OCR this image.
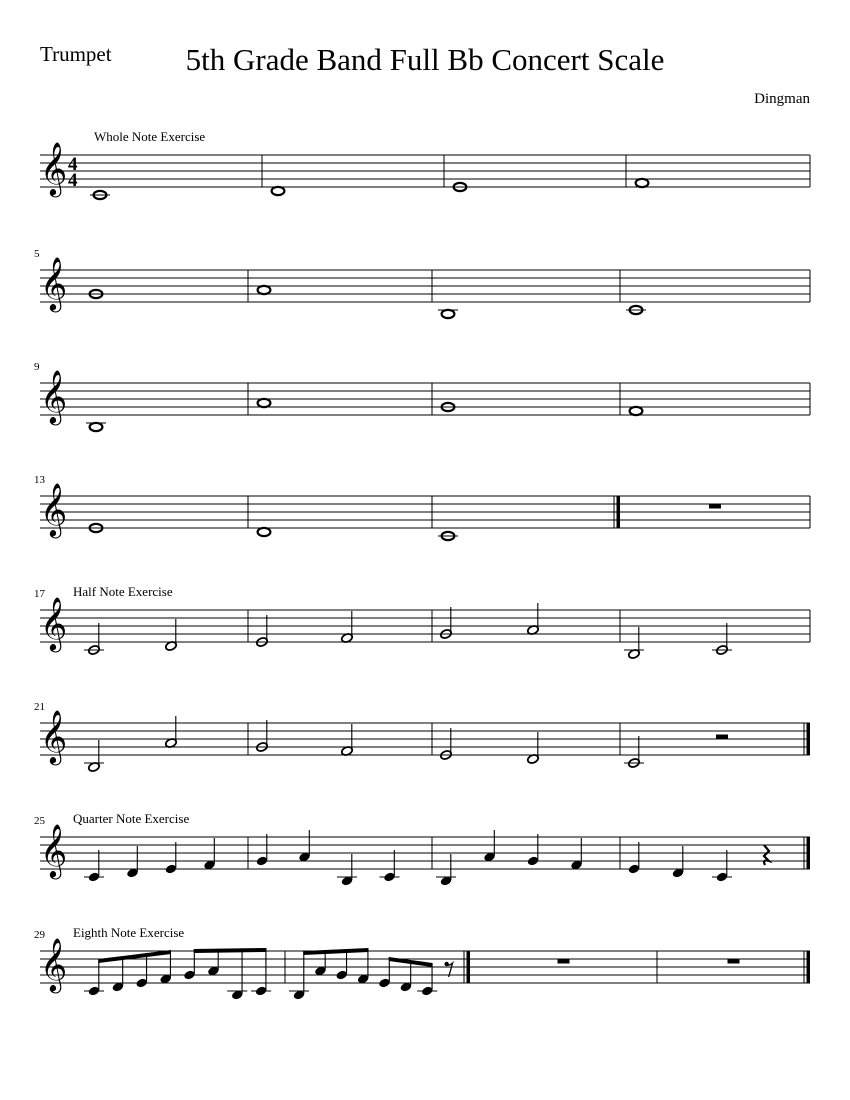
Trumpet	5th Grade Band Full Bb Concert Scale
Dingman
𝄞
Whole Note Exercise
4
4
𝄞
5
𝄞
9
𝄞
13
𝄞
17 Half Note Exercise
𝄞
21
𝄞
25 Quarter Note Exercise
𝄞
29 Eighth Note Exercise
